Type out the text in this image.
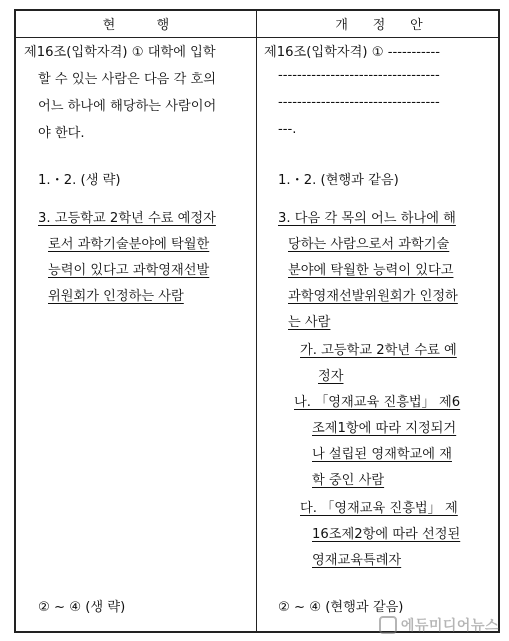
현          행	개      정      안
제16조(입학자격) ① 대학에 입학
할 수 있는 사람은 다음 각 호의
어느 하나에 해당하는 사람이어
야 한다.
1.・2. (생 략)
3. 고등학교 2학년 수료 예정자
로서 과학기술분야에 탁월한
능력이 있다고 과학영재선발
위원회가 인정하는 사람
② ~ ④ (생 략)
제16조(입학자격) ① -----------
----------------------------------
----------------------------------
---.
1.・2. (현행과 같음)
3. 다음 각 목의 어느 하나에 해
당하는 사람으로서 과학기술
분야에 탁월한 능력이 있다고
과학영재선발위원회가 인정하
는 사람
가. 고등학교 2학년 수료 예
정자
나. 「영재교육 진흥법」 제6
조제1항에 따라 지정되거
나 설립된 영재학교에 재
학 중인 사람
다. 「영재교육 진흥법」 제
16조제2항에 따라 선정된
영재교육특례자
② ~ ④ (현행과 같음)
에듀미디어뉴스
